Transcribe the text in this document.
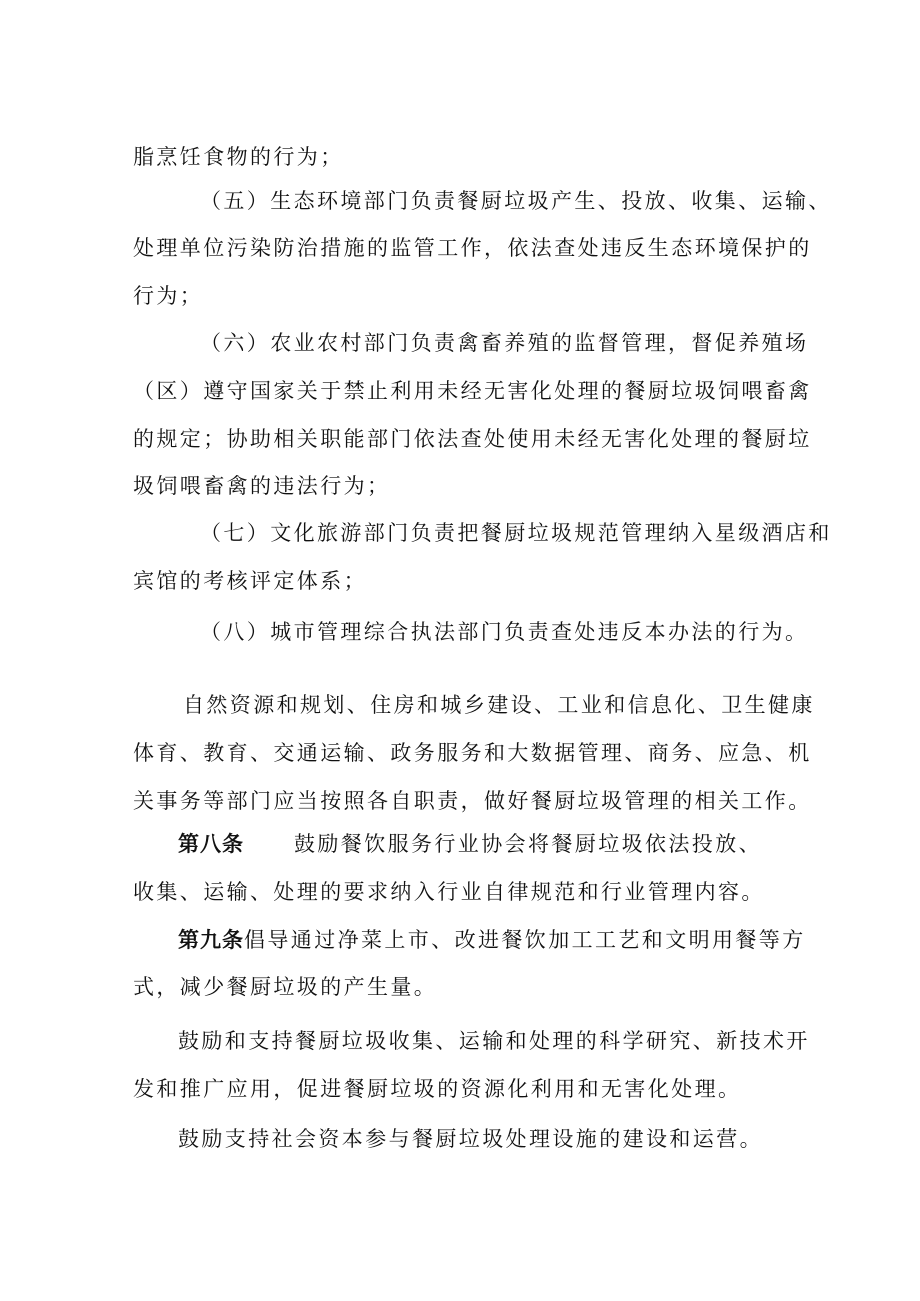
脂烹饪食物的行为；
（五）生态环境部门负责餐厨垃圾产生、投放、收集、运输、
处理单位污染防治措施的监管工作，依法查处违反生态环境保护的
行为；
（六）农业农村部门负责禽畜养殖的监督管理，督促养殖场
（区）遵守国家关于禁止利用未经无害化处理的餐厨垃圾饲喂畜禽
的规定；协助相关职能部门依法查处使用未经无害化处理的餐厨垃
圾饲喂畜禽的违法行为；
（七）文化旅游部门负责把餐厨垃圾规范管理纳入星级酒店和
宾馆的考核评定体系；
（八）城市管理综合执法部门负责查处违反本办法的行为。
自然资源和规划、住房和城乡建设、工业和信息化、卫生健康
体育、教育、交通运输、政务服务和大数据管理、商务、应急、机
关事务等部门应当按照各自职责，做好餐厨垃圾管理的相关工作。
第八条 鼓励餐饮服务行业协会将餐厨垃圾依法投放、
收集、运输、处理的要求纳入行业自律规范和行业管理内容。
第九条倡导通过净菜上市、改进餐饮加工工艺和文明用餐等方
式，减少餐厨垃圾的产生量。
鼓励和支持餐厨垃圾收集、运输和处理的科学研究、新技术开
发和推广应用，促进餐厨垃圾的资源化利用和无害化处理。
鼓励支持社会资本参与餐厨垃圾处理设施的建设和运营。
